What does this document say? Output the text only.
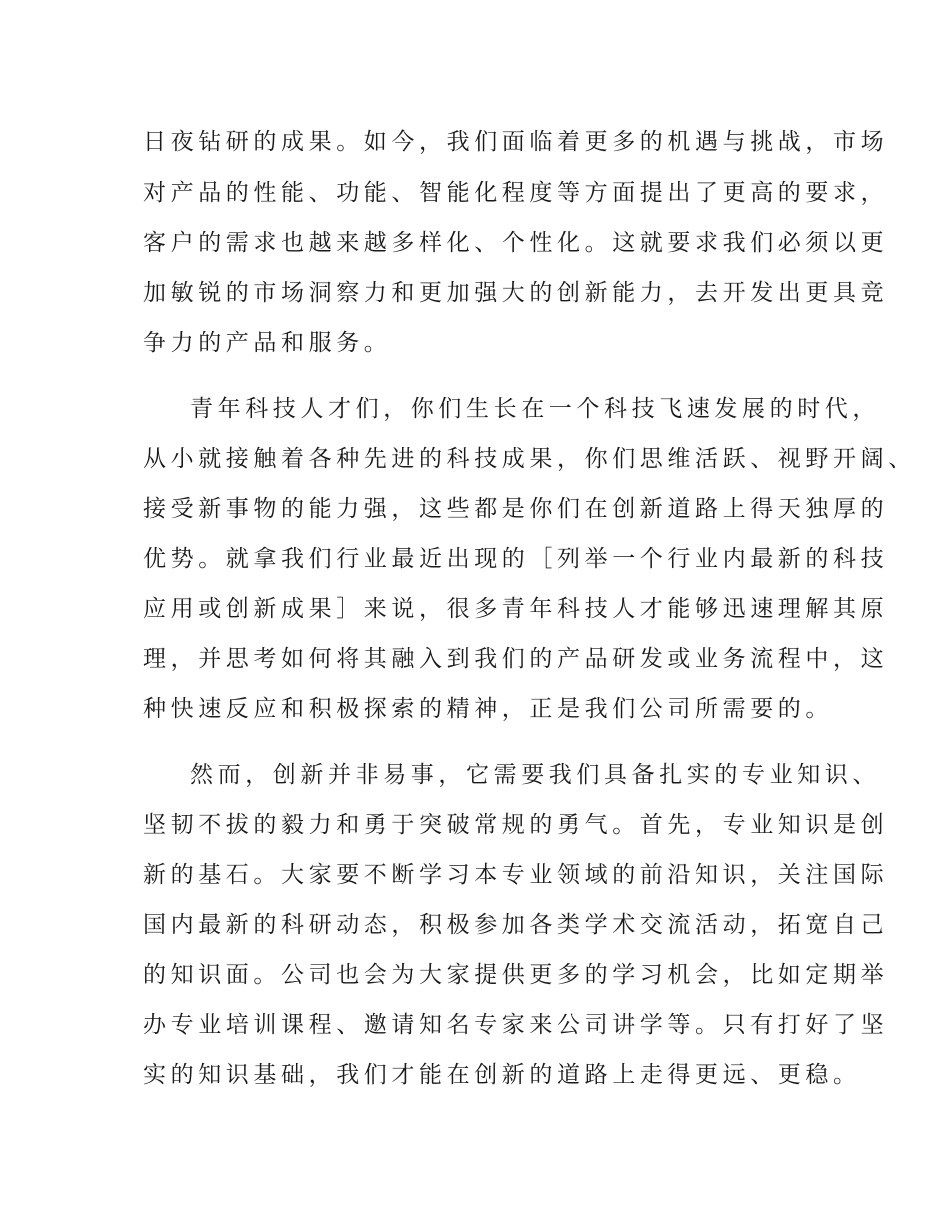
日夜钻研的成果。如今，我们面临着更多的机遇与挑战，市场
对产品的性能、功能、智能化程度等方面提出了更高的要求，
客户的需求也越来越多样化、个性化。这就要求我们必须以更
加敏锐的市场洞察力和更加强大的创新能力，去开发出更具竞
争力的产品和服务。
青年科技人才们，你们生长在一个科技飞速发展的时代，
从小就接触着各种先进的科技成果，你们思维活跃、视野开阔、
接受新事物的能力强，这些都是你们在创新道路上得天独厚的
优势。就拿我们行业最近出现的［列举一个行业内最新的科技
应用或创新成果］来说，很多青年科技人才能够迅速理解其原
理，并思考如何将其融入到我们的产品研发或业务流程中，这
种快速反应和积极探索的精神，正是我们公司所需要的。
然而，创新并非易事，它需要我们具备扎实的专业知识、
坚韧不拔的毅力和勇于突破常规的勇气。首先，专业知识是创
新的基石。大家要不断学习本专业领域的前沿知识，关注国际
国内最新的科研动态，积极参加各类学术交流活动，拓宽自己
的知识面。公司也会为大家提供更多的学习机会，比如定期举
办专业培训课程、邀请知名专家来公司讲学等。只有打好了坚
实的知识基础，我们才能在创新的道路上走得更远、更稳。
